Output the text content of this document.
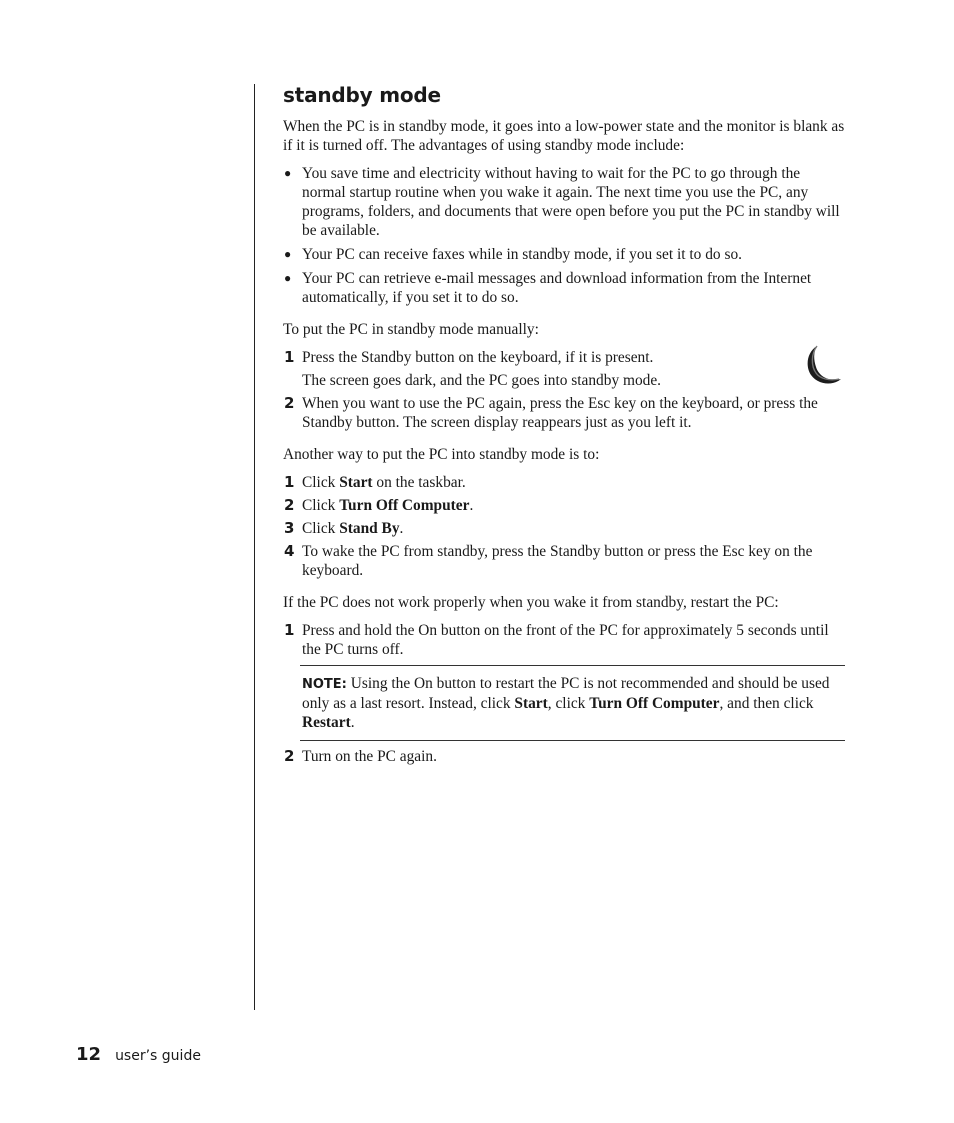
standby mode

When the PC is in standby mode, it goes into a low-power state and the monitor is blank as if it is turned off. The advantages of using standby mode include:

● You save time and electricity without having to wait for the PC to go through the normal startup routine when you wake it again. The next time you use the PC, any programs, folders, and documents that were open before you put the PC in standby will be available.
● Your PC can receive faxes while in standby mode, if you set it to do so.
● Your PC can retrieve e-mail messages and download information from the Internet automatically, if you set it to do so.

To put the PC in standby mode manually:

1 Press the Standby button on the keyboard, if it is present.
The screen goes dark, and the PC goes into standby mode.
2 When you want to use the PC again, press the Esc key on the keyboard, or press the Standby button. The screen display reappears just as you left it.

Another way to put the PC into standby mode is to:

1 Click Start on the taskbar.
2 Click Turn Off Computer.
3 Click Stand By.
4 To wake the PC from standby, press the Standby button or press the Esc key on the keyboard.

If the PC does not work properly when you wake it from standby, restart the PC:

1 Press and hold the On button on the front of the PC for approximately 5 seconds until the PC turns off.
NOTE: Using the On button to restart the PC is not recommended and should be used only as a last resort. Instead, click Start, click Turn Off Computer, and then click Restart.
2 Turn on the PC again.
12 user’s guide
